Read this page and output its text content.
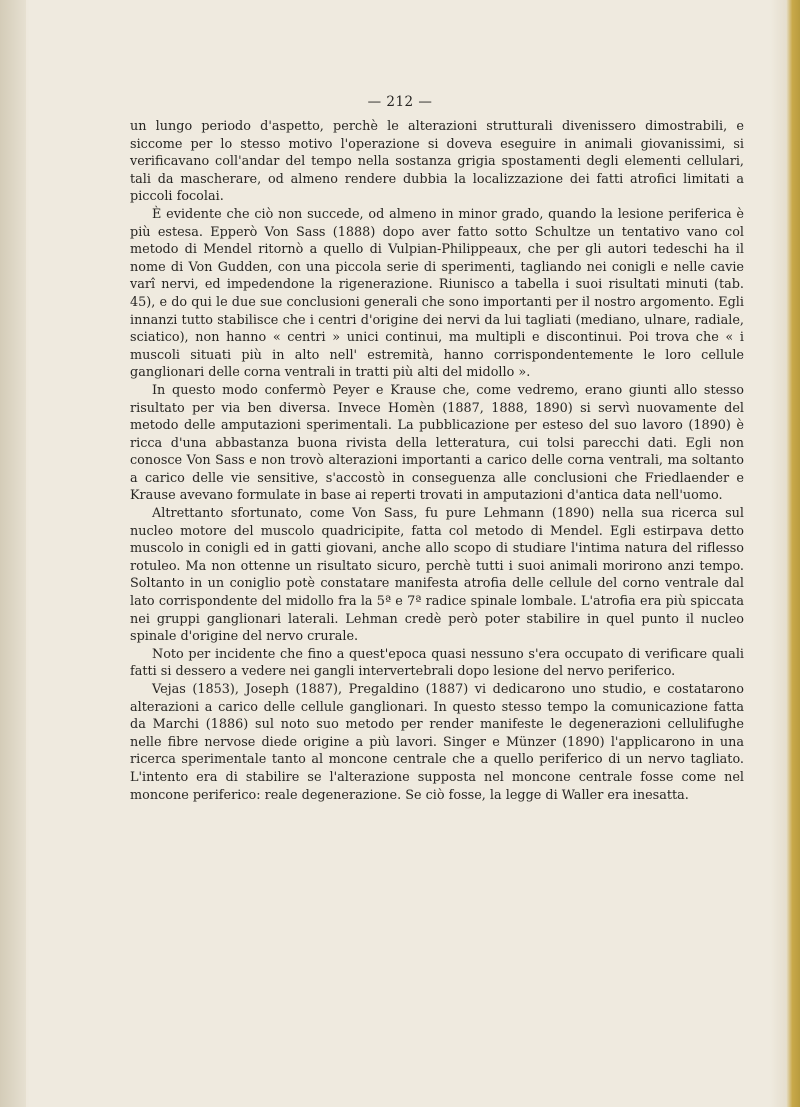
— 212 —

un lungo periodo d'aspetto, perchè le alterazioni strutturali divenissero dimostrabili, e siccome per lo stesso motivo l'operazione si doveva eseguire in animali giovanissimi, si verificavano coll'andar del tempo nella sostanza grigia spostamenti degli elementi cellulari, tali da mascherare, od almeno rendere dubbia la localizzazione dei fatti atrofici limitati a piccoli focolai.

È evidente che ciò non succede, od almeno in minor grado, quando la lesione periferica è più estesa. Epperò Von Sass (1888) dopo aver fatto sotto Schultze un tentativo vano col metodo di Mendel ritornò a quello di Vulpian-Philippeaux, che per gli autori tedeschi ha il nome di Von Gudden, con una piccola serie di sperimenti, tagliando nei conigli e nelle cavie varî nervi, ed impedendone la rigenerazione. Riunisco a tabella i suoi risultati minuti (tab. 45), e do qui le due sue conclusioni generali che sono importanti per il nostro argomento. Egli innanzi tutto stabilisce che i centri d'origine dei nervi da lui tagliati (mediano, ulnare, radiale, sciatico), non hanno « centri » unici continui, ma multipli e discontinui. Poi trova che « i muscoli situati più in alto nell' estremità, hanno corrispondentemente le loro cellule ganglionari delle corna ventrali in tratti più alti del midollo ».

In questo modo confermò Peyer e Krause che, come vedremo, erano giunti allo stesso risultato per via ben diversa. Invece Homèn (1887, 1888, 1890) si servì nuovamente del metodo delle amputazioni sperimentali. La pubblicazione per esteso del suo lavoro (1890) è ricca d'una abbastanza buona rivista della letteratura, cui tolsi parecchi dati. Egli non conosce Von Sass e non trovò alterazioni importanti a carico delle corna ventrali, ma soltanto a carico delle vie sensitive, s'accostò in conseguenza alle conclusioni che Friedlaender e Krause avevano formulate in base ai reperti trovati in amputazioni d'antica data nell'uomo.

Altrettanto sfortunato, come Von Sass, fu pure Lehmann (1890) nella sua ricerca sul nucleo motore del muscolo quadricipite, fatta col metodo di Mendel. Egli estirpava detto muscolo in conigli ed in gatti giovani, anche allo scopo di studiare l'intima natura del riflesso rotuleo. Ma non ottenne un risultato sicuro, perchè tutti i suoi animali morirono anzi tempo. Soltanto in un coniglio potè constatare manifesta atrofia delle cellule del corno ventrale dal lato corrispondente del midollo fra la 5ª e 7ª radice spinale lombale. L'atrofia era più spiccata nei gruppi ganglionari laterali. Lehman credè però poter stabilire in quel punto il nucleo spinale d'origine del nervo crurale.

Noto per incidente che fino a quest'epoca quasi nessuno s'era occupato di verificare quali fatti si dessero a vedere nei gangli intervertebrali dopo lesione del nervo periferico.

Vejas (1853), Joseph (1887), Pregaldino (1887) vi dedicarono uno studio, e costatarono alterazioni a carico delle cellule ganglionari. In questo stesso tempo la comunicazione fatta da Marchi (1886) sul noto suo metodo per render manifeste le degenerazioni cellulifughe nelle fibre nervose diede origine a più lavori. Singer e Münzer (1890) l'applicarono in una ricerca sperimentale tanto al moncone centrale che a quello periferico di un nervo tagliato. L'intento era di stabilire se l'alterazione supposta nel moncone centrale fosse come nel moncone periferico: reale degenerazione. Se ciò fosse, la legge di Waller era inesatta.
